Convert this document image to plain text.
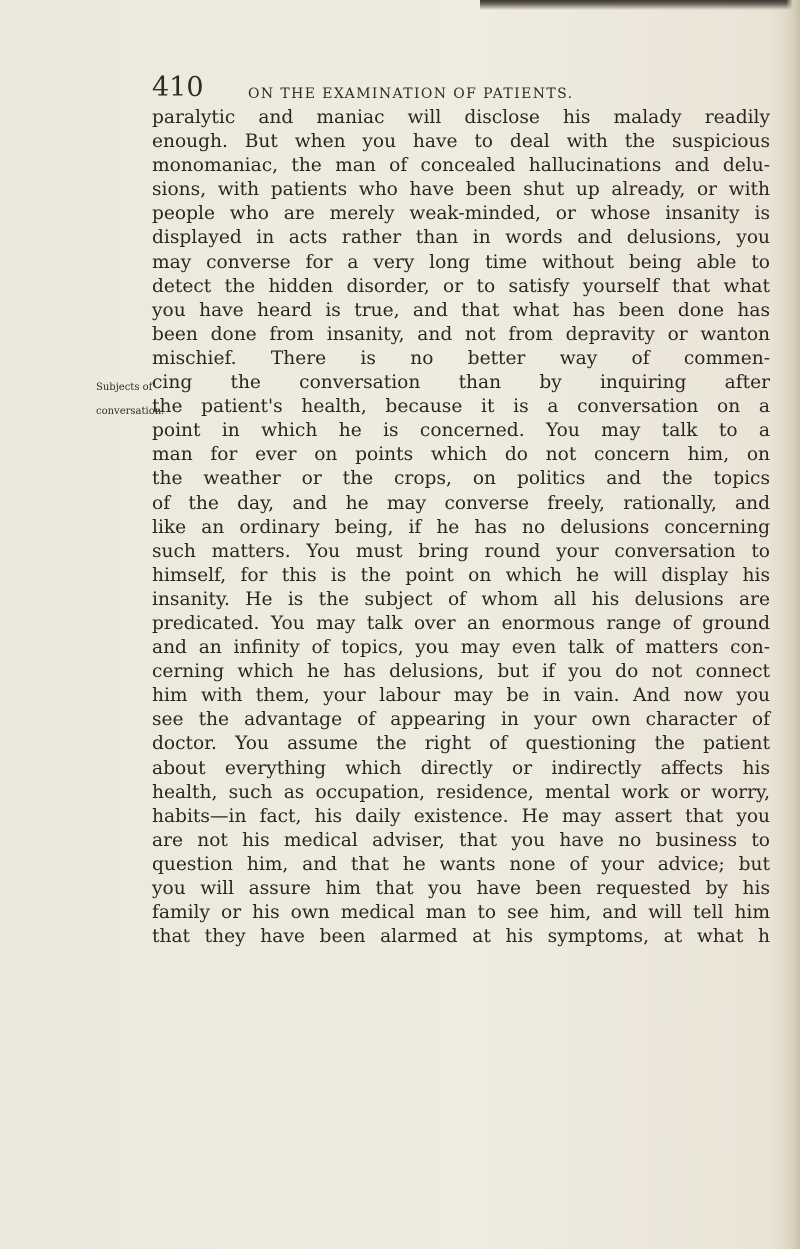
410	ON THE EXAMINATION OF PATIENTS.
Subjects of
conversation.
paralytic and maniac will disclose his malady readily
enough. But when you have to deal with the suspicious
monomaniac, the man of concealed hallucinations and delu-
sions, with patients who have been shut up already, or with
people who are merely weak-minded, or whose insanity is
displayed in acts rather than in words and delusions, you
may converse for a very long time without being able to
detect the hidden disorder, or to satisfy yourself that what
you have heard is true, and that what has been done has
been done from insanity, and not from depravity or wanton
mischief. There is no better way of commen-
cing the conversation than by inquiring after
the patient's health, because it is a conversation on a
point in which he is concerned. You may talk to a
man for ever on points which do not concern him, on
the weather or the crops, on politics and the topics
of the day, and he may converse freely, rationally, and
like an ordinary being, if he has no delusions concerning
such matters. You must bring round your conversation to
himself, for this is the point on which he will display his
insanity. He is the subject of whom all his delusions are
predicated. You may talk over an enormous range of ground
and an infinity of topics, you may even talk of matters con-
cerning which he has delusions, but if you do not connect
him with them, your labour may be in vain. And now you
see the advantage of appearing in your own character of
doctor. You assume the right of questioning the patient
about everything which directly or indirectly affects his
health, such as occupation, residence, mental work or worry,
habits—in fact, his daily existence. He may assert that you
are not his medical adviser, that you have no business to
question him, and that he wants none of your advice; but
you will assure him that you have been requested by his
family or his own medical man to see him, and will tell him
that they have been alarmed at his symptoms, at what h
